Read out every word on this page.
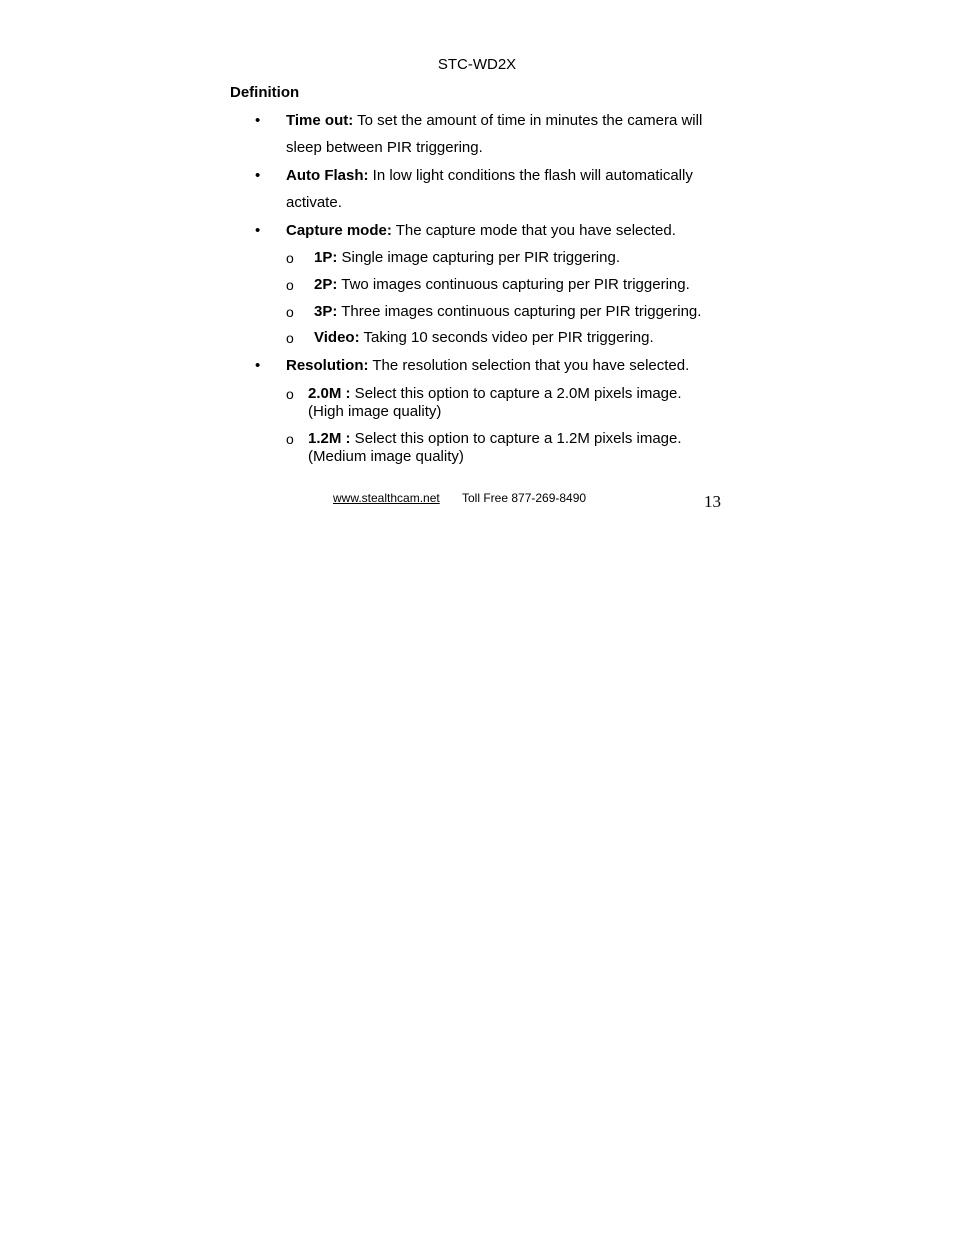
STC-WD2X
Definition
• Time out: To set the amount of time in minutes the camera will
sleep between PIR triggering.
• Auto Flash: In low light conditions the flash will automatically
activate.
• Capture mode: The capture mode that you have selected.
o 1P: Single image capturing per PIR triggering.
o 2P: Two images continuous capturing per PIR triggering.
o 3P: Three images continuous capturing per PIR triggering.
o Video: Taking 10 seconds video per PIR triggering.
• Resolution: The resolution selection that you have selected.
o 2.0M : Select this option to capture a 2.0M pixels image.
(High image quality)
o 1.2M : Select this option to capture a 1.2M pixels image.
(Medium image quality)
www.stealthcam.net Toll Free 877-269-8490	13
